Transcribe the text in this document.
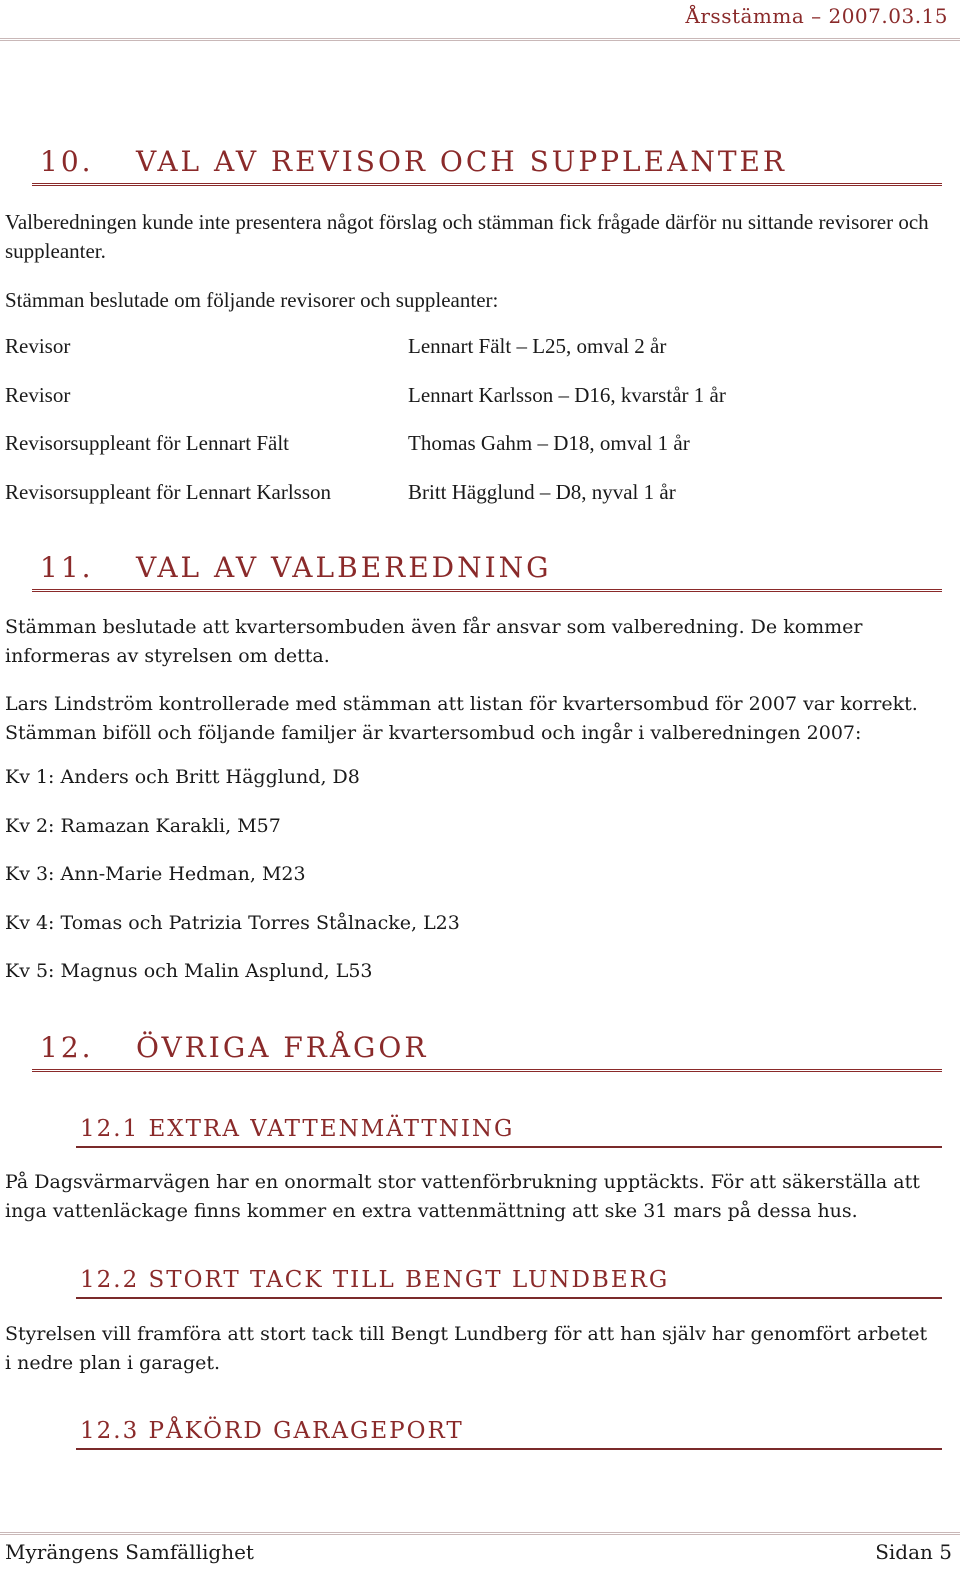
Årsstämma – 2007.03.15
10. VAL AV REVISOR OCH SUPPLEANTER
Valberedningen kunde inte presentera något förslag och stämman fick frågade därför nu sittande revisorer och suppleanter.
Stämman beslutade om följande revisorer och suppleanter:
Revisor	Lennart Fält – L25, omval 2 år
Revisor	Lennart Karlsson – D16, kvarstår 1 år
Revisorsuppleant för Lennart Fält	Thomas Gahm – D18, omval 1 år
Revisorsuppleant för Lennart Karlsson	Britt Hägglund – D8, nyval 1 år
11. VAL AV VALBEREDNING
Stämman beslutade att kvartersombuden även får ansvar som valberedning. De kommer informeras av styrelsen om detta.
Lars Lindström kontrollerade med stämman att listan för kvartersombud för 2007 var korrekt. Stämman biföll och följande familjer är kvartersombud och ingår i valberedningen 2007:
Kv 1: Anders och Britt Hägglund, D8
Kv 2: Ramazan Karakli, M57
Kv 3: Ann-Marie Hedman, M23
Kv 4: Tomas och Patrizia Torres Stålnacke, L23
Kv 5: Magnus och Malin Asplund, L53
12. ÖVRIGA FRÅGOR
12.1 EXTRA VATTENMÄTTNING
På Dagsvärmarvägen har en onormalt stor vattenförbrukning upptäckts. För att säkerställa att inga vattenläckage finns kommer en extra vattenmättning att ske 31 mars på dessa hus.
12.2 STORT TACK TILL BENGT LUNDBERG
Styrelsen vill framföra att stort tack till Bengt Lundberg för att han själv har genomfört arbetet i nedre plan i garaget.
12.3 PÅKÖRD GARAGEPORT
Myrängens Samfällighet	Sidan 5
